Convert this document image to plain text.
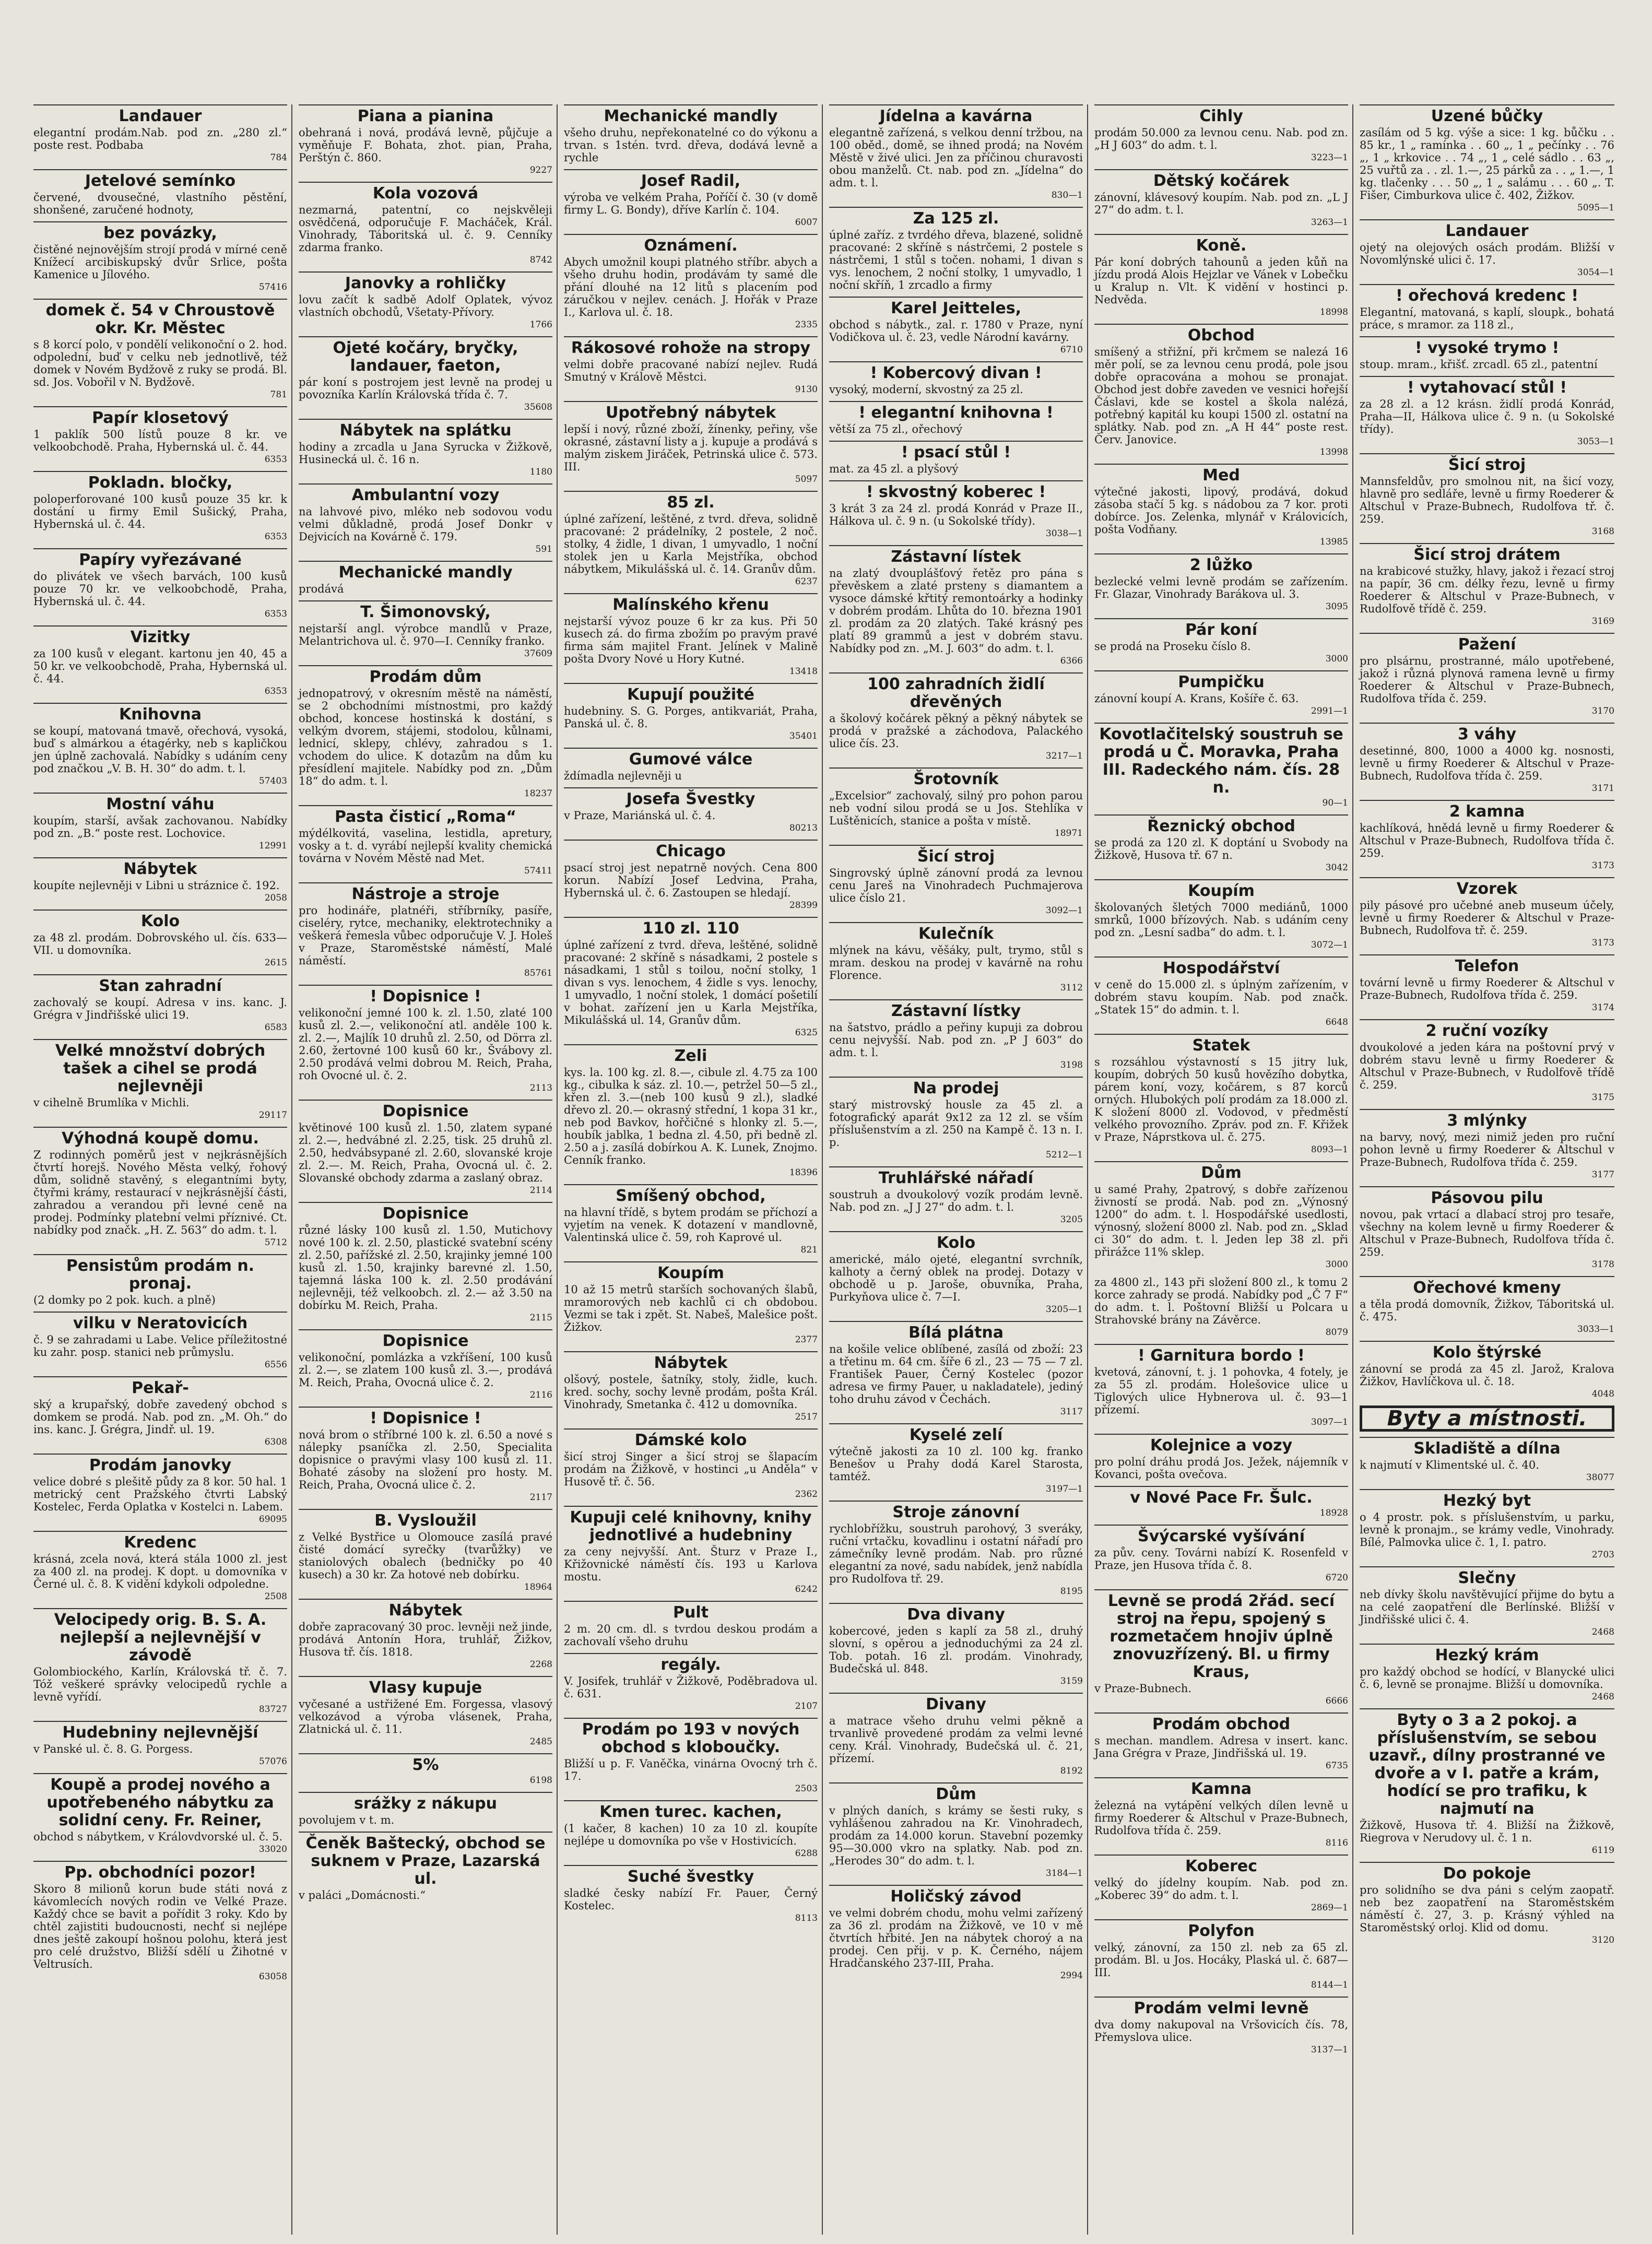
Landauer

elegantní prodám.Nab. pod zn. „280 zl.“ poste rest. Podbaba

784

Jetelové semínko

červené, dvousečné, vlastního pěstění, shonšené, zaručené hodnoty,

bez povázky,

čistěné nejnovějším strojí prodá v mírné ceně Knížecí arcibiskupský dvůr Srlice, pošta Kamenice u Jílového.

57416

domek č. 54 v Chroustově okr. Kr. Městec

s 8 korcí polo, v pondělí velikonoční o 2. hod. odpolední, buď v celku neb jednotlivě, též domek v Novém Bydžově z ruky se prodá. Bl. sd. Jos. Vobořil v N. Bydžově.

781

Papír klosetový

1 paklík 500 lístů pouze 8 kr. ve velkoobchodě. Praha, Hybernská ul. č. 44.

6353

Pokladn. bločky,

poloperforované 100 kusů pouze 35 kr. k dostání u firmy Emil Sušický, Praha, Hybernská ul. č. 44.

6353

Papíry vyřezávané

do plivátek ve všech barvách, 100 kusů pouze 70 kr. ve velkoobchodě, Praha, Hybernská ul. č. 44.

6353

Vizitky

za 100 kusů v elegant. kartonu jen 40, 45 a 50 kr. ve velkoobchodě, Praha, Hybernská ul. č. 44.

6353

Knihovna

se koupí, matovaná tmavě, ořechová, vysoká, buď s almárkou a étagérky, neb s kapličkou jen úplně zachovalá. Nabídky s udáním ceny pod značkou „V. B. H. 30“ do adm. t. l.

57403

Mostní váhu

koupím, starší, avšak zachovanou. Nabídky pod zn. „B.“ poste rest. Lochovice.

12991

Nábytek

koupíte nejlevněji v Libni u stráznice č. 192.

2058

Kolo

za 48 zl. prodám. Dobrovského ul. čís. 633—VII. u domovníka.

2615

Stan zahradní

zachovalý se koupí. Adresa v ins. kanc. J. Grégra v Jindřišské ulici 19.

6583

Velké množství dobrých tašek a cihel se prodá nejlevněji

v cihelně Brumlíka v Michli.

29117

Výhodná koupě domu.

Z rodinných poměrů jest v nejkrásnějších čtvrtí horejš. Nového Města velký, řohový dům, solidně stavěný, s elegantními byty, čtyřmi krámy, restaurací v nejkrásnější části, zahradou a verandou při levné ceně na prodej. Podmínky platební velmi příznivé. Ct. nabídky pod značk. „H. Z. 563“ do adm. t. l.

5712

Pensistům prodám n. pronaj.

(2 domky po 2 pok. kuch. a plně)

vilku v Neratovicích

č. 9 se zahradami u Labe. Velice příležitostné ku zahr. posp. stanici neb průmyslu.

6556

Pekař-

ský a krupařský, dobře zavedený obchod s domkem se prodá. Nab. pod zn. „M. Oh.“ do ins. kanc. J. Grégra, Jindř. ul. 19.

6308

Prodám janovky

velice dobré s plešitě půdy za 8 kor. 50 hal. 1 metrický cent Pražského čtvrti Labský Kostelec, Ferda Oplatka v Kostelci n. Labem.

69095

Kredenc

krásná, zcela nová, která stála 1000 zl. jest za 400 zl. na prodej. K dopt. u domovníka v Černé ul. č. 8. K vidění kdykoli odpoledne.

2508

Velocipedy orig. B. S. A. nejlepší a nejlevnější v závodě

Golombiockého, Karlín, Královská tř. č. 7. Tóž veškeré správky velocipedů rychle a levně vyřídí.

83727

Hudebniny nejlevnější

v Panské ul. č. 8. G. Porgess.

57076

Koupě a prodej nového a upotřebeného nábytku za solidní ceny. Fr. Reiner,

obchod s nábytkem, v Královdvorské ul. č. 5.

33020

Pp. obchodníci pozor!

Skoro 8 milionů korun bude státi nová z kávomlecích nových rodin ve Velké Praze. Každý chce se bavit a pořídit 3 roky. Kdo by chtěl zajistiti budoucnosti, nechť si nejlépe dnes ještě zakoupí hošnou polohu, která jest pro celé družstvo, Bližší sdělí u Žihotné v Veltrusích.

63058

Piana a pianina

obehraná i nová, prodává levně, půjčuje a vyměňuje F. Bohata, zhot. pian, Praha, Perštýn č. 860.

9227

Kola vozová

nezmarná, patentní, co nejskvěleji osvědčená, odporučuje F. Macháček, Král. Vinohrady, Táboritská ul. č. 9. Cenníky zdarma franko.

8742

Janovky a rohličky

lovu začít k sadbě Adolf Oplatek, vývoz vlastních obchodů, Všetaty-Přívory.

1766

Ojeté kočáry, bryčky, landauer, faeton,

pár koní s postrojem jest levně na prodej u povozníka Karlín Královská třída č. 7.

35608

Nábytek na splátku

hodiny a zrcadla u Jana Syrucka v Žižkově, Husinecká ul. č. 16 n.

1180

Ambulantní vozy

na lahvové pivo, mléko neb sodovou vodu velmi důkladně, prodá Josef Donkr v Dejvicích na Kovárně č. 179.

591

Mechanické mandly

prodává

T. Šimonovský,

nejstarší angl. výrobce mandlů v Praze, Melantrichova ul. č. 970—I. Cenníky franko.

37609

Prodám dům

jednopatrový, v okresním městě na náměstí, se 2 obchodními místnostmi, pro každý obchod, koncese hostinská k dostání, s velkým dvorem, stájemi, stodolou, kůlnami, lednicí, sklepy, chlévy, zahradou s 1. vchodem do ulice. K dotazům na dům ku přesídlení majitele. Nabídky pod zn. „Dům 18“ do adm. t. l.

18237

Pasta čisticí „Roma“

mýdélkovitá, vaselina, lestidla, apretury, vosky a t. d. vyrábí nejlepší kvality chemická továrna v Novém Městě nad Met.

57411

Nástroje a stroje

pro hodináře, platnéři, stříbrníky, pasíře, ciseléry, rytce, mechaniky, elektrotechniky a veškerá řemesla vůbec odporučuje V. J. Holeš v Praze, Staroměstské náměstí, Malé náměstí.

85761

! Dopisnice !

velikonoční jemné 100 k. zl. 1.50, zlaté 100 kusů zl. 2.—, velikonoční atl. anděle 100 k. zl. 2.—, Majlík 10 druhů zl. 2.50, od Dörra zl. 2.60, žertovné 100 kusů 60 kr., Švábovy zl. 2.50 prodává velmi dobrou M. Reich, Praha, roh Ovocné ul. č. 2.

2113

Dopisnice

květinové 100 kusů zl. 1.50, zlatem sypané zl. 2.—, hedvábné zl. 2.25, tisk. 25 druhů zl. 2.50, hedvábsypané zl. 2.60, slovanské kroje zl. 2.—. M. Reich, Praha, Ovocná ul. č. 2. Slovanské obchody zdarma a zaslaný obraz.

2114

Dopisnice

různé lásky 100 kusů zl. 1.50, Mutichovy nové 100 k. zl. 2.50, plastické svatební scény zl. 2.50, pařížské zl. 2.50, krajinky jemné 100 kusů zl. 1.50, krajinky barevné zl. 1.50, tajemná láska 100 k. zl. 2.50 prodávání nejlevněji, též velkoobch. zl. 2.— až 3.50 na dobírku M. Reich, Praha.

2115

Dopisnice

velikonoční, pomlázka a vzkříšení, 100 kusů zl. 2.—, se zlatem 100 kusů zl. 3.—, prodává M. Reich, Praha, Ovocná ulice č. 2.

2116

! Dopisnice !

nová brom o stříbrné 100 k. zl. 6.50 a nové s nálepky psaníčka zl. 2.50, Specialita dopisnice o pravými vlasy 100 kusů zl. 11. Bohaté zásoby na složení pro hosty. M. Reich, Praha, Ovocná ulice č. 2.

2117

B. Vysloužil

z Velké Bystřice u Olomouce zasílá pravé čisté domácí syrečky (tvarůžky) ve staniolových obalech (bedničky po 40 kusech) a 30 kr. Za hotové neb dobírku.

18964

Nábytek

dobře zapracovaný 30 proc. levněji než jinde, prodává Antonín Hora, truhlář, Žižkov, Husova tř. čís. 1818.

2268

Vlasy kupuje

vyčesané a ustřižené Em. Forgessa, vlasový velkozávod a výroba vlásenek, Praha, Zlatnická ul. č. 11.

2485

5%

6198

srážky z nákupu

povolujem v t. m.

Čeněk Baštecký, obchod se suknem v Praze, Lazarská ul.

v paláci „Domácnosti.“

Mechanické mandly

všeho druhu, nepřekonatelné co do výkonu a trvan. s 1stén. tvrd. dřeva, dodává levně a rychle

Josef Radil,

výroba ve velkém Praha, Poříčí č. 30 (v domě firmy L. G. Bondy), dříve Karlín č. 104.

6007

Oznámení.

Abych umožnil koupi platného stříbr. abych a všeho druhu hodin, prodávám ty samé dle přání dlouhé na 12 litů s placením pod záručkou v nejlev. cenách. J. Hořák v Praze I., Karlova ul. č. 18.

2335

Rákosové rohože na stropy

velmi dobře pracované nabízí nejlev. Rudá Smutný v Králově Městci.

9130

Upotřebný nábytek

lepší i nový, různé zboží, žínenky, peřiny, vše okrasné, zástavní listy a j. kupuje a prodává s malým ziskem Jiráček, Petrinská ulice č. 573. III.

5097

85 zl.

úplné zařízení, leštěné, z tvrd. dřeva, solidně pracované: 2 prádelníky, 2 postele, 2 noč. stolky, 4 židle, 1 divan, 1 umyvadlo, 1 noční stolek jen u Karla Mejstříka, obchod nábytkem, Mikulášská ul. č. 14. Granův dům.

6237

Malínského křenu

nejstarší vývoz pouze 6 kr za kus. Při 50 kusech zá. do firma zbožím po pravým pravé firma sám majitel Frant. Jelínek v Malině pošta Dvory Nové u Hory Kutné.

13418

Kupují použité

hudebniny. S. G. Porges, antikvariát, Praha, Panská ul. č. 8.

35401

Gumové válce

ždímadla nejlevněji u

Josefa Švestky

v Praze, Mariánská ul. č. 4.

80213

Chicago

psací stroj jest nepatrně nových. Cena 800 korun. Nabízí Josef Ledvina, Praha, Hybernská ul. č. 6. Zastoupen se hledají.

28399

110 zl. 110

úplné zařízení z tvrd. dřeva, leštěné, solidně pracované: 2 skříně s násadkami, 2 postele s násadkami, 1 stůl s toilou, noční stolky, 1 divan s vys. lenochem, 4 židle s vys. lenochy, 1 umyvadlo, 1 noční stolek, 1 domácí pošetilí v bohat. zařízení jen u Karla Mejstříka, Mikulášská ul. 14, Granův dům.

6325

Zeli

kys. la. 100 kg. zl. 8.—, cibule zl. 4.75 za 100 kg., cibulka k sáz. zl. 10.—, petržel 50—5 zl., křen zl. 3.—(neb 100 kusů 9 zl.), sladké dřevo zl. 20.— okrasný střední, 1 kopa 31 kr., neb pod Bavkov, hořčičné s hlonky zl. 5.—, houbík jablka, 1 bedna zl. 4.50, při bedně zl. 2.50 a j. zasílá dobírkou A. K. Lunek, Znojmo. Cenník franko.

18396

Smíšený obchod,

na hlavní třídě, s bytem prodám se příchozí a vyjetím na venek. K dotazení v mandlovně, Valentinská ulice č. 59, roh Kaprové ul.

821

Koupím

10 až 15 metrů starších sochovaných šlabů, mramorových neb kachlů ci ch obdobou. Vezmi se tak i zpět. St. Nabeš, Malešice pošt. Žižkov.

2377

Nábytek

olšový, postele, šatníky, stoly, židle, kuch. kred. sochy, sochy levně prodám, pošta Král. Vinohrady, Smetanka č. 412 u domovníka.

2517

Dámské kolo

šicí stroj Singer a šicí stroj se šlapacím prodám na Žižkově, v hostinci „u Anděla“ v Husově tř. č. 56.

2362

Kupuji celé knihovny, knihy jednotlivé a hudebniny

za ceny nejvyšší. Ant. Šturz v Praze I., Křižovnické náměstí čís. 193 u Karlova mostu.

6242

Pult

2 m. 20 cm. dl. s tvrdou deskou prodám a zachovalí všeho druhu

regály.

V. Josifek, truhlář v Žižkově, Poděbradova ul. č. 631.

2107

Prodám po 193 v nových obchod s kloboučky.

Bližší u p. F. Vaněčka, vinárna Ovocný trh č. 17.

2503

Kmen turec. kachen,

(1 kačer, 8 kachen) 10 za 10 zl. koupíte nejlépe u domovníka po vše v Hostivicích.

6288

Suché švestky

sladké česky nabízí Fr. Pauer, Černý Kostelec.

8113

Jídelna a kavárna

elegantně zařízená, s velkou denní tržbou, na 100 oběd., domě, se ihned prodá; na Novém Městě v živé ulici. Jen za příčinou churavosti obou manželů. Ct. nab. pod zn. „Jídelna“ do adm. t. l.

830—1

Za 125 zl.

úplné zaříz. z tvrdého dřeva, blazené, solidně pracované: 2 skříně s nástrčemi, 2 postele s nástrčemi, 1 stůl s točen. nohami, 1 divan s vys. lenochem, 2 noční stolky, 1 umyvadlo, 1 noční skříň, 1 zrcadlo a firmy

Karel Jeitteles,

obchod s nábytk., zal. r. 1780 v Praze, nyní Vodičkova ul. č. 23, vedle Národní kavárny.

6710

! Kobercový divan !

vysoký, moderní, skvostný za 25 zl.

! elegantní knihovna !

větší za 75 zl., ořechový

! psací stůl !

mat. za 45 zl. a plyšový

! skvostný koberec !

3 krát 3 za 24 zl. prodá Konrád v Praze II., Hálkova ul. č. 9 n. (u Sokolské třídy).

3038—1

Zástavní lístek

na zlatý dvouplášťový řetěz pro pána s převěskem a zlaté prsteny s diamantem a vysoce dámské křtitý remontoárky a hodinky v dobrém prodám. Lhůta do 10. března 1901 zl. prodám za 20 zlatých. Také krásný pes platí 89 grammů a jest v dobrém stavu. Nabídky pod zn. „M. J. 603“ do adm. t. l.

6366

100 zahradních židlí dřevěných

a školový kočárek pěkný a pěkný nábytek se prodá v pražské a záchodova, Palackého ulice čís. 23.

3217—1

Šrotovník

„Excelsior“ zachovalý, silný pro pohon parou neb vodní silou prodá se u Jos. Stehlíka v Luštěnicích, stanice a pošta v místě.

18971

Šicí stroj

Singrovský úplně zánovní prodá za levnou cenu Jareš na Vinohradech Puchmajerova ulice číslo 21.

3092—1

Kulečník

mlýnek na kávu, věšáky, pult, trymo, stůl s mram. deskou na prodej v kavárně na rohu Florence.

3112

Zástavní lístky

na šatstvo, prádlo a peřiny kupuji za dobrou cenu nejvyšší. Nab. pod zn. „P J 603“ do adm. t. l.

3198

Na prodej

starý mistrovský housle za 45 zl. a fotografický aparát 9x12 za 12 zl. se vším příslušenstvím a zl. 250 na Kampě č. 13 n. I. p.

5212—1

Truhlářské nářadí

soustruh a dvoukolový vozík prodám levně. Nab. pod zn. „J J 27“ do adm. t. l.

3205

Kolo

americké, málo ojeté, elegantní svrchník, kalhoty a černý oblek na prodej. Dotazy v obchodě u p. Jaroše, obuvníka, Praha, Purkyňova ulice č. 7—I.

3205—1

Bílá plátna

na košile velice oblíbené, zasílá od zboží: 23 a třetinu m. 64 cm. šíře 6 zl., 23 — 75 — 7 zl. František Pauer, Černý Kostelec (pozor adresa ve firmy Pauer, u nakladatele), jediný toho druhu závod v Čechách.

3117

Kyselé zelí

výtečně jakosti za 10 zl. 100 kg. franko Benešov u Prahy dodá Karel Starosta, tamtéž.

3197—1

Stroje zánovní

rychlobřížku, soustruh parohový, 3 sveráky, ruční vrtačku, kovadlinu i ostatní nářadí pro zámečníky levně prodám. Nab. pro různé elegantní za nové, sadu nabídek, jenž nabídla pro Rudolfova tř. 29.

8195

Dva divany

kobercové, jeden s kaplí za 58 zl., druhý slovní, s opěrou a jednoduchými za 24 zl. Tob. potah. 16 zl. prodám. Vinohrady, Budečská ul. 848.

3159

Divany

a matrace všeho druhu velmi pěkně a trvanlivě provedené prodám za velmi levné ceny. Král. Vinohrady, Budečská ul. č. 21, přízemí.

8192

Dům

v plných daních, s krámy se šesti ruky, s vyhlášenou zahradou na Kr. Vinohradech, prodám za 14.000 korun. Stavební pozemky 95—30.000 vkro na splatky. Nab. pod zn. „Herodes 30“ do adm. t. l.

3184—1

Holičský závod

ve velmi dobrém chodu, mohu velmi zařízený za 36 zl. prodám na Žižkově, ve 10 v mě čtvrtích hřbité. Jen na nábytek choroý a na prodej. Cen přij. v p. K. Černého, nájem Hradčanského 237-III, Praha.

2994

Cihly

prodám 50.000 za levnou cenu. Nab. pod zn. „H J 603“ do adm. t. l.

3223—1

Dětský kočárek

zánovní, klávesový koupím. Nab. pod zn. „L J 27“ do adm. t. l.

3263—1

Koně.

Pár koní dobrých tahounů a jeden kůň na jízdu prodá Alois Hejzlar ve Vánek v Lobečku u Kralup n. Vlt. K vidění v hostinci p. Nedvěda.

18998

Obchod

smíšený a střižní, při krčmem se nalezá 16 měr polí, se za levnou cenu prodá, pole jsou dobře opracována a mohou se pronajat. Obchod jest dobře zaveden ve vesnici hořejší Čáslavi, kde se kostel a škola nalézá, potřebný kapitál ku koupi 1500 zl. ostatní na splátky. Nab. pod zn. „A H 44“ poste rest. Červ. Janovice.

13998

Med

výtečné jakosti, lipový, prodává, dokud zásoba stačí 5 kg. s nádobou za 7 kor. proti dobírce. Jos. Zelenka, mlynář v Královicích, pošta Vodňany.

13985

2 lůžko

bezlecké velmi levně prodám se zařízením. Fr. Glazar, Vinohrady Barákova ul. 3.

3095

Pár koní

se prodá na Proseku číslo 8.

3000

Pumpičku

zánovní koupí A. Krans, Košíře č. 63.

2991—1

Kovotlačitelský soustruh se prodá u Č. Moravka, Praha III. Radeckého nám. čís. 28 n.

90—1

Řeznický obchod

se prodá za 120 zl. K doptání u Svobody na Žižkově, Husova tř. 67 n.

3042

Koupím

školovaných šletých 7000 mediánů, 1000 smrků, 1000 břízových. Nab. s udáním ceny pod zn. „Lesní sadba“ do adm. t. l.

3072—1

Hospodářství

v ceně do 15.000 zl. s úplným zařízením, v dobrém stavu koupím. Nab. pod značk. „Statek 15“ do admin. t. l.

6648

Statek

s rozsáhlou výstavností s 15 jitry luk, koupím, dobrých 50 kusů hovězího dobytka, párem koní, vozy, kočárem, s 87 korců orných. Hlubokých polí prodám za 18.000 zl. K složení 8000 zl. Vodovod, v předměstí velkého provozního. Zpráv. pod zn. F. Křižek v Praze, Náprstkova ul. č. 275.

8093—1

Dům

u samé Prahy, 2patrový, s dobře zařízenou živností se prodá. Nab. pod zn. „Výnosný 1200“ do adm. t. l. Hospodářské usedlosti, výnosný, složení 8000 zl. Nab. pod zn. „Sklad ci 30“ do adm. t. l. Jeden lep 38 zl. při přirážce 11% sklep.

3000

za 4800 zl., 143 při složení 800 zl., k tomu 2 korce zahrady se prodá. Nabídky pod „Č 7 F“ do adm. t. l. Poštovní Bližší u Polcara u Strahovské brány na Závěrce.

8079

! Garnitura bordo !

kvetová, zánovní, t. j. 1 pohovka, 4 fotely, je za 55 zl. prodám. Holešovice ulice u Tiglových ulice Hybnerova ul. č. 93—1 přízemí.

3097—1

Kolejnice a vozy

pro polní dráhu prodá Jos. Ježek, nájemník v Kovanci, pošta ovečova.

v Nové Pace Fr. Šulc.

18928

Švýcarské vyšívání

za pův. ceny. Továrni nabízí K. Rosenfeld v Praze, jen Husova třída č. 8.

6720

Levně se prodá 2řád. secí stroj na řepu, spojený s rozmetačem hnojiv úplně znovuzřízený. Bl. u firmy Kraus,

v Praze-Bubnech.

6666

Prodám obchod

s mechan. mandlem. Adresa v insert. kanc. Jana Grégra v Praze, Jindřišská ul. 19.

6735

Kamna

železná na vytápění velkých dílen levně u firmy Roederer & Altschul v Praze-Bubnech, Rudolfova třída č. 259.

8116

Koberec

velký do jídelny koupím. Nab. pod zn. „Koberec 39“ do adm. t. l.

2869—1

Polyfon

velký, zánovní, za 150 zl. neb za 65 zl. prodám. Bl. u Jos. Hocáky, Plaská ul. č. 687—III.

8144—1

Prodám velmi levně

dva domy nakupoval na Vršovicích čís. 78, Přemyslova ulice.

3137—1

Uzené bůčky

zasílám od 5 kg. výše a sice: 1 kg. bůčku . . 85 kr., 1 „ ramínka . . 60 „, 1 „ pečínky . . 76 „, 1 „ krkovice . . 74 „, 1 „ celé sádlo . . 63 „, 25 vuřtů za . . zl. 1.—, 25 párků za . . „ 1.—, 1 kg. tlačenky . . . 50 „, 1 „ salámu . . . 60 „. T. Fišer, Cimburkova ulice č. 402, Žižkov.

5095—1

Landauer

ojetý na olejových osách prodám. Bližší v Novomlýnské ulici č. 17.

3054—1

! ořechová kredenc !

Elegantní, matovaná, s kaplí, sloupk., bohatá práce, s mramor. za 118 zl.,

! vysoké trymo !

stoup. mram., křišť. zrcadl. 65 zl., patentní

! vytahovací stůl !

za 28 zl. a 12 krásn. židlí prodá Konrád, Praha—II, Hálkova ulice č. 9 n. (u Sokolské třídy).

3053—1

Šicí stroj

Mannsfeldův, pro smolnou nit, na šicí vozy, hlavně pro sedláře, levně u firmy Roederer & Altschul v Praze-Bubnech, Rudolfova tř. č. 259.

3168

Šicí stroj drátem

na krabicové stužky, hlavy, jakož i řezací stroj na papír, 36 cm. délky řezu, levně u firmy Roederer & Altschul v Praze-Bubnech, v Rudolfově třídě č. 259.

3169

Pažení

pro plsárnu, prostranné, málo upotřebené, jakož i různá plynová ramena levně u firmy Roederer & Altschul v Praze-Bubnech, Rudolfova třída č. 259.

3170

3 váhy

desetinné, 800, 1000 a 4000 kg. nosnosti, levně u firmy Roederer & Altschul v Praze-Bubnech, Rudolfova třída č. 259.

3171

2 kamna

kachlíková, hnědá levně u firmy Roederer & Altschul v Praze-Bubnech, Rudolfova třída č. 259.

3173

Vzorek

pily pásové pro učebné aneb museum účely, levně u firmy Roederer & Altschul v Praze-Bubnech, Rudolfova tř. č. 259.

3173

Telefon

tovární levně u firmy Roederer & Altschul v Praze-Bubnech, Rudolfova třída č. 259.

3174

2 ruční vozíky

dvoukolové a jeden kára na poštovní prvý v dobrém stavu levně u firmy Roederer & Altschul v Praze-Bubnech, v Rudolfově třídě č. 259.

3175

3 mlýnky

na barvy, nový, mezi nimiž jeden pro ruční pohon levně u firmy Roederer & Altschul v Praze-Bubnech, Rudolfova třída č. 259.

3177

Pásovou pilu

novou, pak vrtací a dlabací stroj pro tesaře, všechny na kolem levně u firmy Roederer & Altschul v Praze-Bubnech, Rudolfova třída č. 259.

3178

Ořechové kmeny

a těla prodá domovník, Žižkov, Táboritská ul. č. 475.

3033—1

Kolo štýrské

zánovní se prodá za 45 zl. Jarož, Kralova Žižkov, Havlíčkova ul. č. 18.

4048

Byty a místnosti.

Skladiště a dílna

k najmutí v Klimentské ul. č. 40.

38077

Hezký byt

o 4 prostr. pok. s příslušenstvím, u parku, levně k pronajm., se krámy vedle, Vinohrady. Bílé, Palmovka ulice č. 1, I. patro.

2703

Slečny

neb dívky školu navštěvující přijme do bytu a na celé zaopatření dle Berlínské. Bližší v Jindřišské ulici č. 4.

2468

Hezký krám

pro každý obchod se hodící, v Blanycké ulici č. 6, levně se pronajme. Bližší u domovníka.

2468

Byty o 3 a 2 pokoj. a příslušenstvím, se sebou uzavř., dílny prostranné ve dvoře a v I. patře a krám, hodící se pro trafiku, k najmutí na

Žižkově, Husova tř. 4. Bližší na Žižkově, Riegrova v Nerudovy ul. č. 1 n.

6119

Do pokoje

pro solidního se dva páni s celým zaopatř. neb bez zaopatření na Staroměstském náměstí č. 27, 3. p. Krásný výhled na Staroměstský orloj. Klid od domu.

3120
